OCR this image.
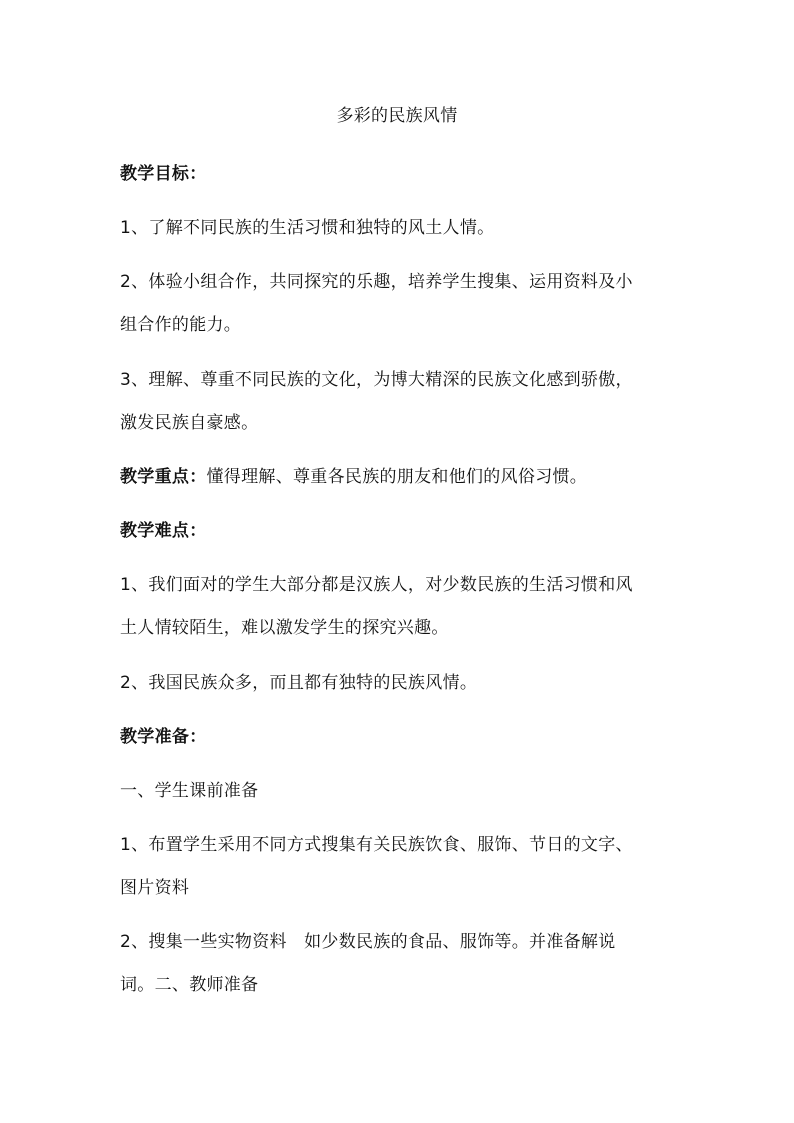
多彩的民族风情
教学目标：
1、了解不同民族的生活习惯和独特的风土人情。
2、体验小组合作，共同探究的乐趣，培养学生搜集、运用资料及小
组合作的能力。
3、理解、尊重不同民族的文化，为博大精深的民族文化感到骄傲，
激发民族自豪感。
教学重点：懂得理解、尊重各民族的朋友和他们的风俗习惯。
教学难点：
1、我们面对的学生大部分都是汉族人，对少数民族的生活习惯和风
土人情较陌生，难以激发学生的探究兴趣。
2、我国民族众多，而且都有独特的民族风情。
教学准备：
一、学生课前准备
1、布置学生采用不同方式搜集有关民族饮食、服饰、节日的文字、
图片资料
2、搜集一些实物资料　如少数民族的食品、服饰等。并准备解说
词。二、教师准备
